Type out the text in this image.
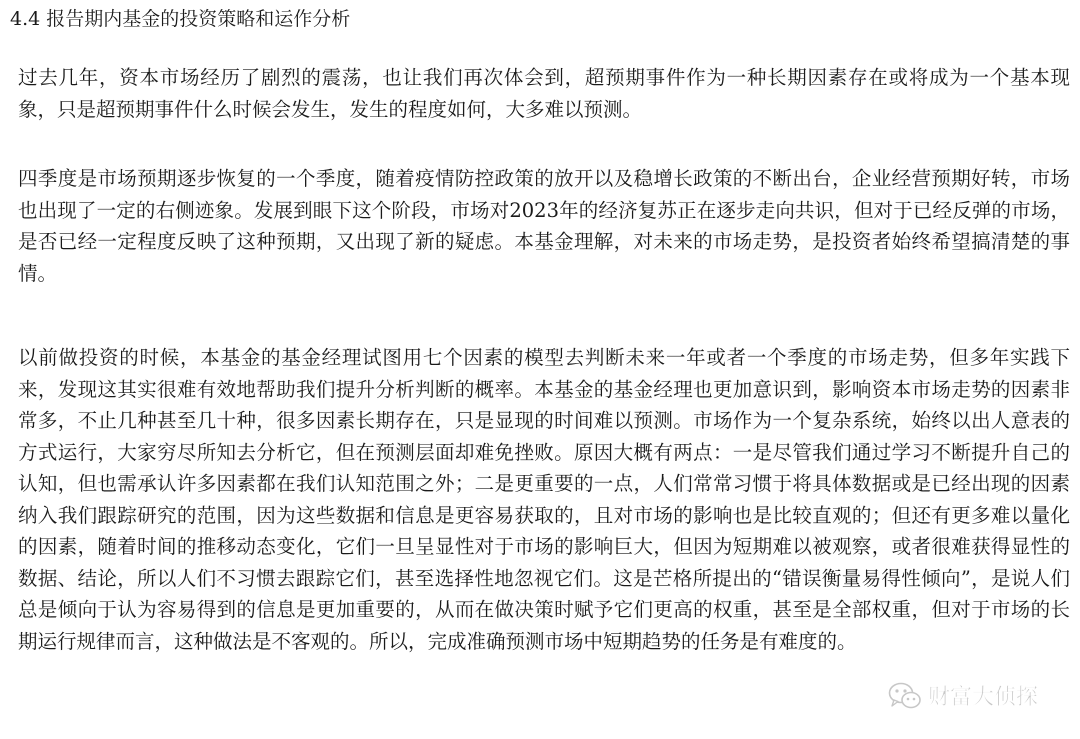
4.4 报告期内基金的投资策略和运作分析

过去几年，资本市场经历了剧烈的震荡，也让我们再次体会到，超预期事件作为一种长期因素存在或将成为一个基本现象，只是超预期事件什么时候会发生，发生的程度如何，大多难以预测。

四季度是市场预期逐步恢复的一个季度，随着疫情防控政策的放开以及稳增长政策的不断出台，企业经营预期好转，市场也出现了一定的右侧迹象。发展到眼下这个阶段，市场对2023年的经济复苏正在逐步走向共识，但对于已经反弹的市场，是否已经一定程度反映了这种预期，又出现了新的疑虑。本基金理解，对未来的市场走势，是投资者始终希望搞清楚的事情。

以前做投资的时候，本基金的基金经理试图用七个因素的模型去判断未来一年或者一个季度的市场走势，但多年实践下来，发现这其实很难有效地帮助我们提升分析判断的概率。本基金的基金经理也更加意识到，影响资本市场走势的因素非常多，不止几种甚至几十种，很多因素长期存在，只是显现的时间难以预测。市场作为一个复杂系统，始终以出人意表的方式运行，大家穷尽所知去分析它，但在预测层面却难免挫败。原因大概有两点：一是尽管我们通过学习不断提升自己的认知，但也需承认许多因素都在我们认知范围之外；二是更重要的一点，人们常常习惯于将具体数据或是已经出现的因素纳入我们跟踪研究的范围，因为这些数据和信息是更容易获取的，且对市场的影响也是比较直观的；但还有更多难以量化的因素，随着时间的推移动态变化，它们一旦呈显性对于市场的影响巨大，但因为短期难以被观察，或者很难获得显性的数据、结论，所以人们不习惯去跟踪它们，甚至选择性地忽视它们。这是芒格所提出的“错误衡量易得性倾向”，是说人们总是倾向于认为容易得到的信息是更加重要的，从而在做决策时赋予它们更高的权重，甚至是全部权重，但对于市场的长期运行规律而言，这种做法是不客观的。所以，完成准确预测市场中短期趋势的任务是有难度的。

财富大侦探
